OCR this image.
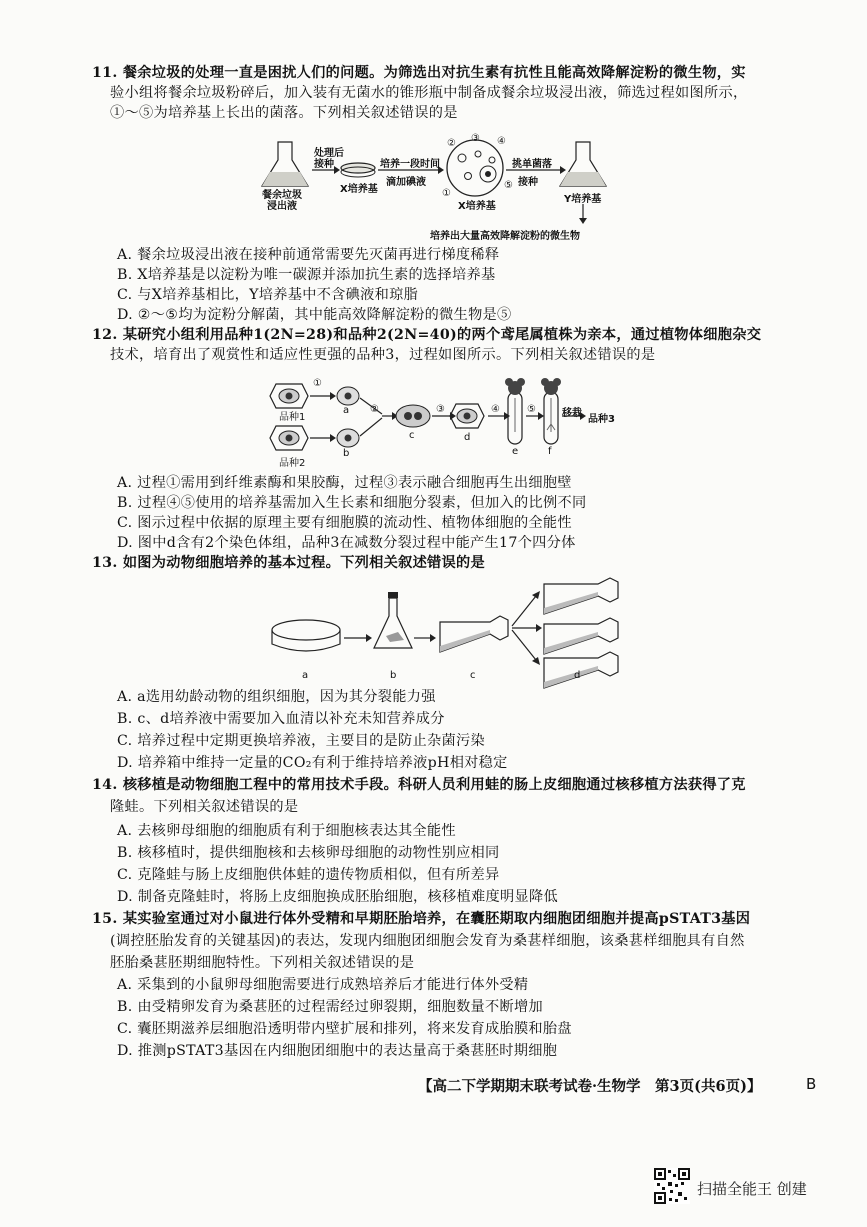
11. 餐余垃圾的处理一直是困扰人们的问题。为筛选出对抗生素有抗性且能高效降解淀粉的微生物，实
验小组将餐余垃圾粉碎后，加入装有无菌水的锥形瓶中制备成餐余垃圾浸出液，筛选过程如图所示，
①～⑤为培养基上长出的菌落。下列相关叙述错误的是
餐余垃圾
浸出液
处理后
接种
X培养基
培养一段时间
滴加碘液
② ③ ④
①
⑤
X培养基
挑单菌落
接种
Y培养基
培养出大量高效降解淀粉的微生物
A. 餐余垃圾浸出液在接种前通常需要先灭菌再进行梯度稀释
B. X培养基是以淀粉为唯一碳源并添加抗生素的选择培养基
C. 与X培养基相比，Y培养基中不含碘液和琼脂
D. ②～⑤均为淀粉分解菌，其中能高效降解淀粉的微生物是⑤
12. 某研究小组利用品种1(2N=28)和品种2(2N=40)的两个鸢尾属植株为亲本，通过植物体细胞杂交
技术，培育出了观赏性和适应性更强的品种3，过程如图所示。下列相关叙述错误的是
品种1
品种2
①
②	③	④	⑤
a
b
c	d
e	f
移栽
品种3
A. 过程①需用到纤维素酶和果胶酶，过程③表示融合细胞再生出细胞壁
B. 过程④⑤使用的培养基需加入生长素和细胞分裂素，但加入的比例不同
C. 图示过程中依据的原理主要有细胞膜的流动性、植物体细胞的全能性
D. 图中d含有2个染色体组，品种3在减数分裂过程中能产生17个四分体
13. 如图为动物细胞培养的基本过程。下列相关叙述错误的是
a	b	c	d
A. a选用幼龄动物的组织细胞，因为其分裂能力强
B. c、d培养液中需要加入血清以补充未知营养成分
C. 培养过程中定期更换培养液，主要目的是防止杂菌污染
D. 培养箱中维持一定量的CO₂有利于维持培养液pH相对稳定
14. 核移植是动物细胞工程中的常用技术手段。科研人员利用蛙的肠上皮细胞通过核移植方法获得了克
隆蛙。下列相关叙述错误的是
A. 去核卵母细胞的细胞质有利于细胞核表达其全能性
B. 核移植时，提供细胞核和去核卵母细胞的动物性别应相同
C. 克隆蛙与肠上皮细胞供体蛙的遗传物质相似，但有所差异
D. 制备克隆蛙时，将肠上皮细胞换成胚胎细胞，核移植难度明显降低
15. 某实验室通过对小鼠进行体外受精和早期胚胎培养，在囊胚期取内细胞团细胞并提高pSTAT3基因
(调控胚胎发育的关键基因)的表达，发现内细胞团细胞会发育为桑葚样细胞，该桑葚样细胞具有自然
胚胎桑葚胚期细胞特性。下列相关叙述错误的是
A. 采集到的小鼠卵母细胞需要进行成熟培养后才能进行体外受精
B. 由受精卵发育为桑葚胚的过程需经过卵裂期，细胞数量不断增加
C. 囊胚期滋养层细胞沿透明带内壁扩展和排列，将来发育成胎膜和胎盘
D. 推测pSTAT3基因在内细胞团细胞中的表达量高于桑葚胚时期细胞
【高二下学期期末联考试卷·生物学　第3页(共6页)】	B
扫描全能王 创建
